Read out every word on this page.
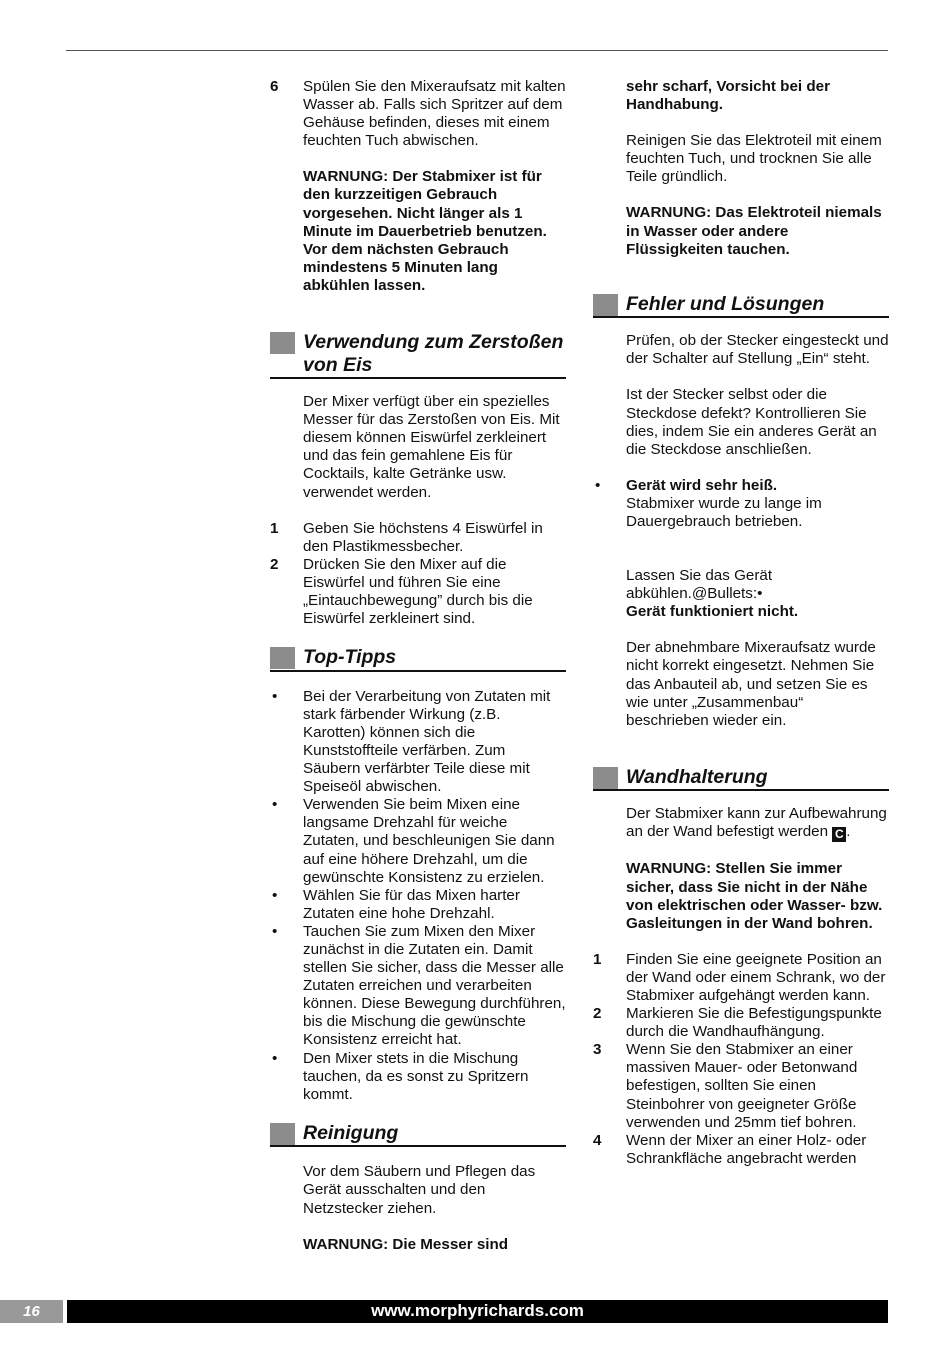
6 Spülen Sie den Mixeraufsatz mit kalten Wasser ab. Falls sich Spritzer auf dem Gehäuse befinden, dieses mit einem feuchten Tuch abwischen.

WARNUNG: Der Stabmixer ist für den kurzzeitigen Gebrauch vorgesehen. Nicht länger als 1 Minute im Dauerbetrieb benutzen. Vor dem nächsten Gebrauch mindestens 5 Minuten lang abkühlen lassen.

Verwendung zum Zerstoßen von Eis

Der Mixer verfügt über ein spezielles Messer für das Zerstoßen von Eis. Mit diesem können Eiswürfel zerkleinert und das fein gemahlene Eis für Cocktails, kalte Getränke usw. verwendet werden.

1 Geben Sie höchstens 4 Eiswürfel in den Plastikmessbecher.
2 Drücken Sie den Mixer auf die Eiswürfel und führen Sie eine „Eintauchbewegung” durch bis die Eiswürfel zerkleinert sind.
Top-Tipps
• Bei der Verarbeitung von Zutaten mit stark färbender Wirkung (z.B. Karotten) können sich die Kunststoffteile verfärben. Zum Säubern verfärbter Teile diese mit Speiseöl abwischen.
• Verwenden Sie beim Mixen eine langsame Drehzahl für weiche Zutaten, und beschleunigen Sie dann auf eine höhere Drehzahl, um die gewünschte Konsistenz zu erzielen.
• Wählen Sie für das Mixen harter Zutaten eine hohe Drehzahl.
• Tauchen Sie zum Mixen den Mixer zunächst in die Zutaten ein. Damit stellen Sie sicher, dass die Messer alle Zutaten erreichen und verarbeiten können. Diese Bewegung durchführen, bis die Mischung die gewünschte Konsistenz erreicht hat.
• Den Mixer stets in die Mischung tauchen, da es sonst zu Spritzern kommt.
Reinigung

Vor dem Säubern und Pflegen das Gerät ausschalten und den Netzstecker ziehen.

WARNUNG: Die Messer sind

sehr scharf, Vorsicht bei der Handhabung.

Reinigen Sie das Elektroteil mit einem feuchten Tuch, und trocknen Sie alle Teile gründlich.

WARNUNG: Das Elektroteil niemals in Wasser oder andere Flüssigkeiten tauchen.

Fehler und Lösungen

Prüfen, ob der Stecker eingesteckt und der Schalter auf Stellung „Ein“ steht.

Ist der Stecker selbst oder die Steckdose defekt? Kontrollieren Sie dies, indem Sie ein anderes Gerät an die Steckdose anschließen.

• Gerät wird sehr heiß.
Stabmixer wurde zu lange im Dauergebrauch betrieben.

Lassen Sie das Gerät abkühlen.@Bullets:•

Gerät funktioniert nicht.

Der abnehmbare Mixeraufsatz wurde nicht korrekt eingesetzt. Nehmen Sie das Anbauteil ab, und setzen Sie es wie unter „Zusammenbau“ beschrieben wieder ein.

Wandhalterung

Der Stabmixer kann zur Aufbewahrung an der Wand befestigt werden C .

WARNUNG: Stellen Sie immer sicher, dass Sie nicht in der Nähe von elektrischen oder Wasser- bzw. Gasleitungen in der Wand bohren.

1 Finden Sie eine geeignete Position an der Wand oder einem Schrank, wo der Stabmixer aufgehängt werden kann.
2 Markieren Sie die Befestigungspunkte durch die Wandhaufhängung.
3 Wenn Sie den Stabmixer an einer massiven Mauer- oder Betonwand befestigen, sollten Sie einen Steinbohrer von geeigneter Größe verwenden und 25mm tief bohren.
4 Wenn der Mixer an einer Holz- oder Schrankfläche angebracht werden
16	www.morphyrichards.com
